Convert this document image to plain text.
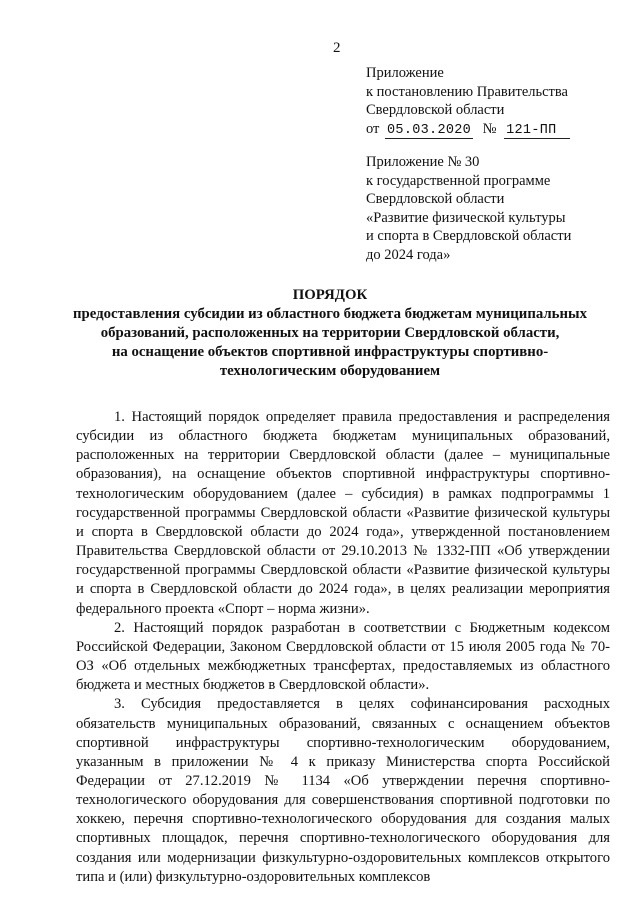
2
Приложение
к постановлению Правительства
Свердловской области
от 05.03.2020 № 121-ПП
Приложение № 30
к государственной программе
Свердловской области
«Развитие физической культуры
и спорта в Свердловской области
до 2024 года»
ПОРЯДОК
предоставления субсидии из областного бюджета бюджетам муниципальных
образований, расположенных на территории Свердловской области,
на оснащение объектов спортивной инфраструктуры спортивно-
технологическим оборудованием

1. Настоящий порядок определяет правила предоставления и распределения субсидии из областного бюджета бюджетам муниципальных образований, расположенных на территории Свердловской области (далее – муниципальные образования), на оснащение объектов спортивной инфраструктуры спортивно-технологическим оборудованием (далее – субсидия) в рамках подпрограммы 1 государственной программы Свердловской области «Развитие физической культуры и спорта в Свердловской области до 2024 года», утвержденной постановлением Правительства Свердловской области от 29.10.2013 № 1332-ПП «Об утверждении государственной программы Свердловской области «Развитие физической культуры и спорта в Свердловской области до 2024 года», в целях реализации мероприятия федерального проекта «Спорт – норма жизни».

2. Настоящий порядок разработан в соответствии с Бюджетным кодексом Российской Федерации, Законом Свердловской области от 15 июля 2005 года № 70-ОЗ «Об отдельных межбюджетных трансфертах, предоставляемых из областного бюджета и местных бюджетов в Свердловской области».

3. Субсидия предоставляется в целях софинансирования расходных обязательств муниципальных образований, связанных с оснащением объектов спортивной инфраструктуры спортивно-технологическим оборудованием, указанным в приложении № 4 к приказу Министерства спорта Российской Федерации от 27.12.2019 № 1134 «Об утверждении перечня спортивно-технологического оборудования для совершенствования спортивной подготовки по хоккею, перечня спортивно-технологического оборудования для создания малых спортивных площадок, перечня спортивно-технологического оборудования для создания или модернизации физкультурно-оздоровительных комплексов открытого типа и (или) физкультурно-оздоровительных комплексов
